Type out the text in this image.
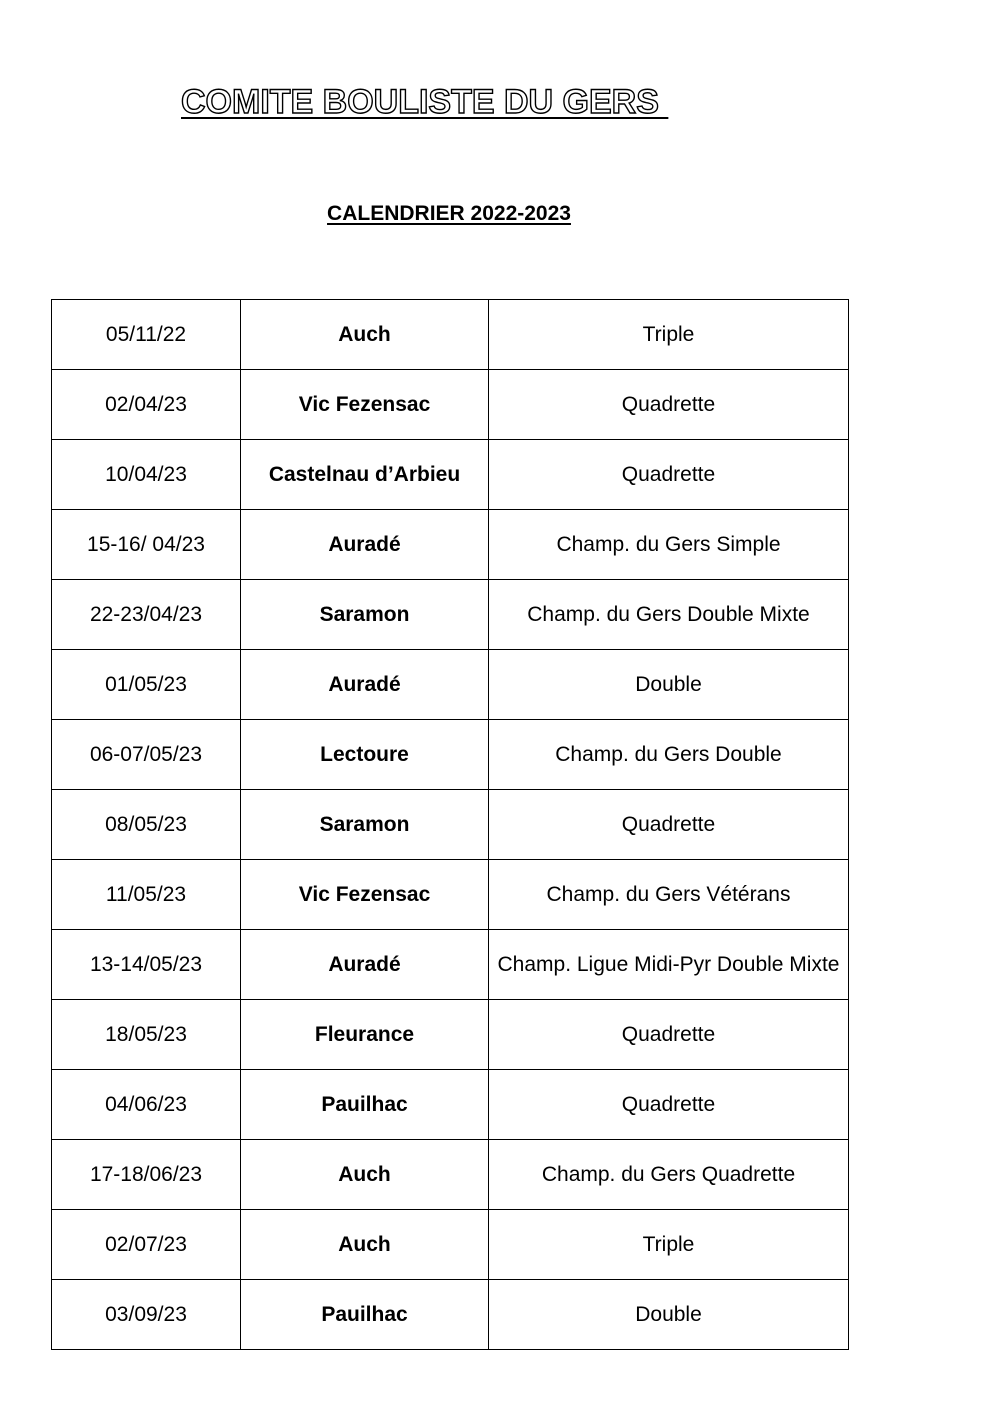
COMITE BOULISTE DU GERS
CALENDRIER 2022-2023
05/11/22	Auch	Triple
02/04/23	Vic Fezensac	Quadrette
10/04/23	Castelnau d’Arbieu	Quadrette
15-16/ 04/23	Auradé	Champ. du Gers Simple
22-23/04/23	Saramon	Champ. du Gers Double Mixte
01/05/23	Auradé	Double
06-07/05/23	Lectoure	Champ. du Gers Double
08/05/23	Saramon	Quadrette
11/05/23	Vic Fezensac	Champ. du Gers Vétérans
13-14/05/23	Auradé	Champ. Ligue Midi-Pyr Double Mixte
18/05/23	Fleurance	Quadrette
04/06/23	Pauilhac	Quadrette
17-18/06/23	Auch	Champ. du Gers Quadrette
02/07/23	Auch	Triple
03/09/23	Pauilhac	Double
